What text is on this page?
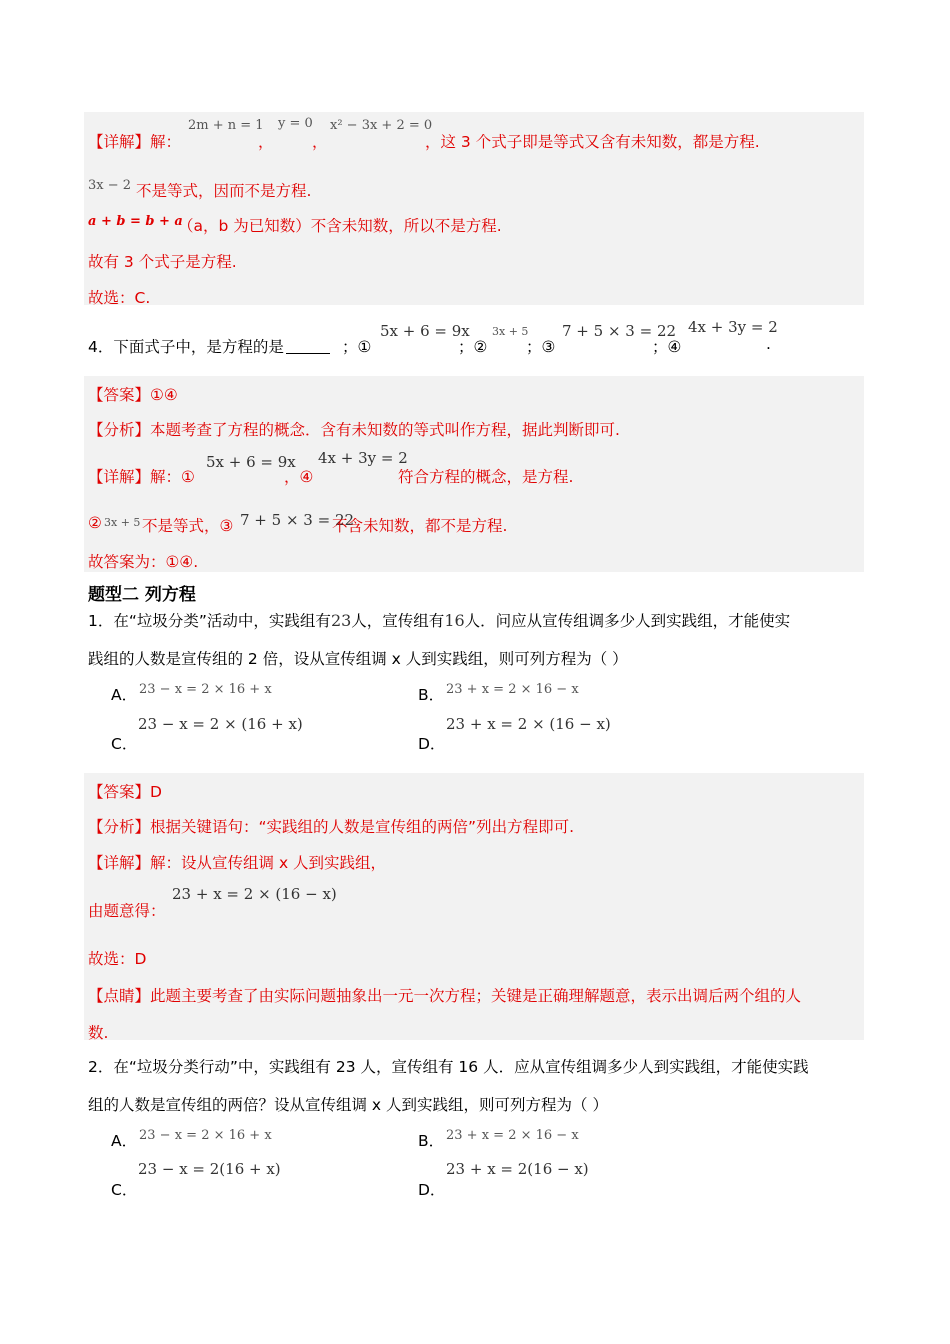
【详解】解：
2m + n = 1
，
y = 0
，
x² − 3x + 2 = 0
，这 3 个式子即是等式又含有未知数，都是方程.
3x − 2 不是等式，因而不是方程.
a + b = b + a
（a，b 为已知数）不含未知数，所以不是方程.
故有 3 个式子是方程.
故选：C.
4．下面式子中，是方程的是	；①
5x + 6 = 9x
；②
3x + 5
；③
7 + 5 × 3 = 22
；④
4x + 3y = 2
.
【答案】①④
【分析】本题考查了方程的概念．含有未知数的等式叫作方程，据此判断即可.
【详解】解：①
5x + 6 = 9x
，④
4x + 3y = 2
符合方程的概念，是方程.
② 3x + 5 不是等式，③ 7 + 5 × 3 = 22
不含未知数，都不是方程.
故答案为：①④.
题型二 列方程
1．在“垃圾分类”活动中，实践组有23人，宣传组有16人．问应从宣传组调多少人到实践组，才能使实
践组的人数是宣传组的 2 倍，设从宣传组调 x 人到实践组，则可列方程为（ ）
A． 23 − x = 2 × 16 + x	B． 23 + x = 2 × 16 − x
23 − x = 2 × (16 + x)
C．
23 + x = 2 × (16 − x)
D．
【答案】D
【分析】根据关键语句：“实践组的人数是宣传组的两倍”列出方程即可.
【详解】解：设从宣传组调 x 人到实践组，
23 + x = 2 × (16 − x)
由题意得：
故选：D
【点睛】此题主要考查了由实际问题抽象出一元一次方程；关键是正确理解题意，表示出调后两个组的人
数.
2．在“垃圾分类行动”中，实践组有 23 人，宣传组有 16 人．应从宣传组调多少人到实践组，才能使实践
组的人数是宣传组的两倍？设从宣传组调 x 人到实践组，则可列方程为（ ）
A． 23 − x = 2 × 16 + x	B． 23 + x = 2 × 16 − x
23 − x = 2(16 + x)
C．
23 + x = 2(16 − x)
D．
